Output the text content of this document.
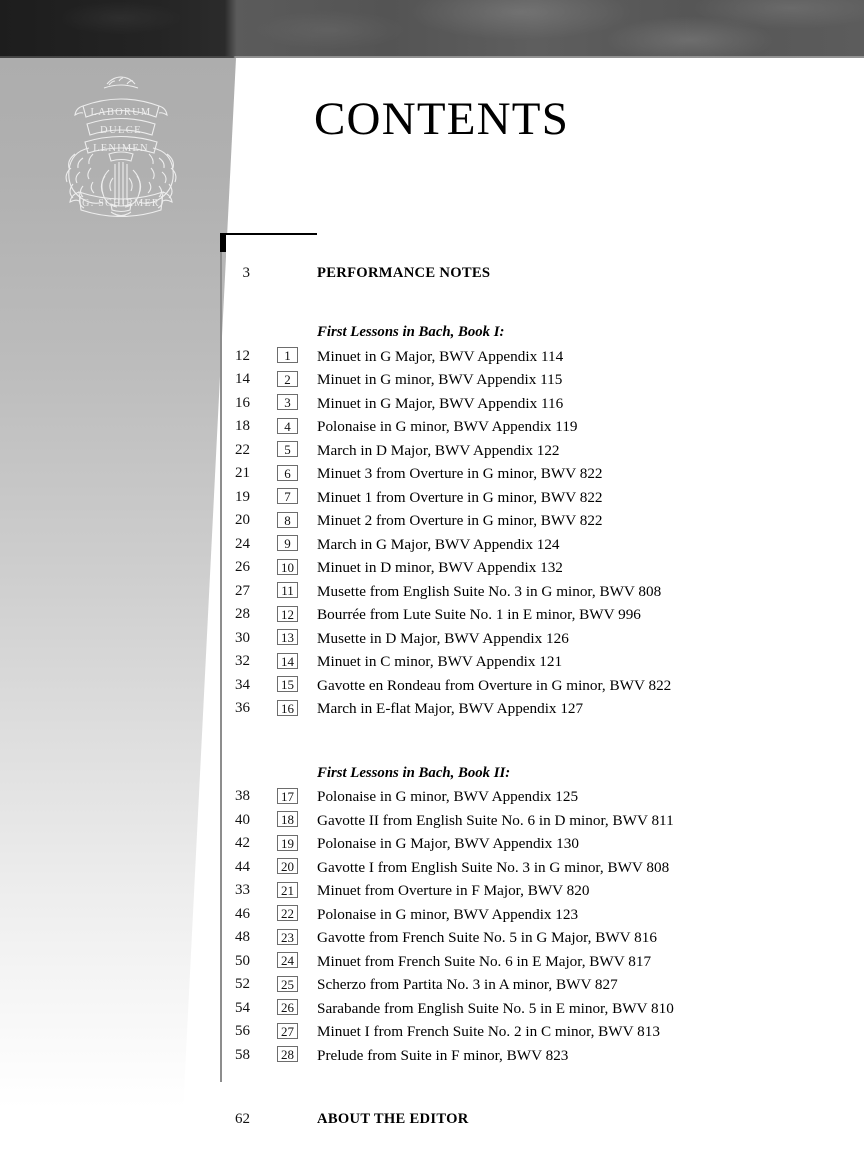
LABORUM
DULCE
LENIMEN
G. SCHIRMER
CONTENTS
PAGE TRACK
3	PERFORMANCE NOTES
First Lessons in Bach, Book I:
12	1	Minuet in G Major, BWV Appendix 114
14	2	Minuet in G minor, BWV Appendix 115
16	3	Minuet in G Major, BWV Appendix 116
18	4	Polonaise in G minor, BWV Appendix 119
22	5	March in D Major, BWV Appendix 122
21	6	Minuet 3 from Overture in G minor, BWV 822
19	7	Minuet 1 from Overture in G minor, BWV 822
20	8	Minuet 2 from Overture in G minor, BWV 822
24	9	March in G Major, BWV Appendix 124
26	10 Minuet in D minor, BWV Appendix 132
27	11 Musette from English Suite No. 3 in G minor, BWV 808
28	12 Bourrée from Lute Suite No. 1 in E minor, BWV 996
30	13 Musette in D Major, BWV Appendix 126
32	14 Minuet in C minor, BWV Appendix 121
34	15 Gavotte en Rondeau from Overture in G minor, BWV 822
36	16 March in E-flat Major, BWV Appendix 127
First Lessons in Bach, Book II:
38	17 Polonaise in G minor, BWV Appendix 125
40	18 Gavotte II from English Suite No. 6 in D minor, BWV 811
42	19 Polonaise in G Major, BWV Appendix 130
44	20 Gavotte I from English Suite No. 3 in G minor, BWV 808
33	21 Minuet from Overture in F Major, BWV 820
46	22 Polonaise in G minor, BWV Appendix 123
48	23 Gavotte from French Suite No. 5 in G Major, BWV 816
50	24 Minuet from French Suite No. 6 in E Major, BWV 817
52	25 Scherzo from Partita No. 3 in A minor, BWV 827
54	26 Sarabande from English Suite No. 5 in E minor, BWV 810
56	27 Minuet I from French Suite No. 2 in C minor, BWV 813
58	28 Prelude from Suite in F minor, BWV 823
62	ABOUT THE EDITOR
